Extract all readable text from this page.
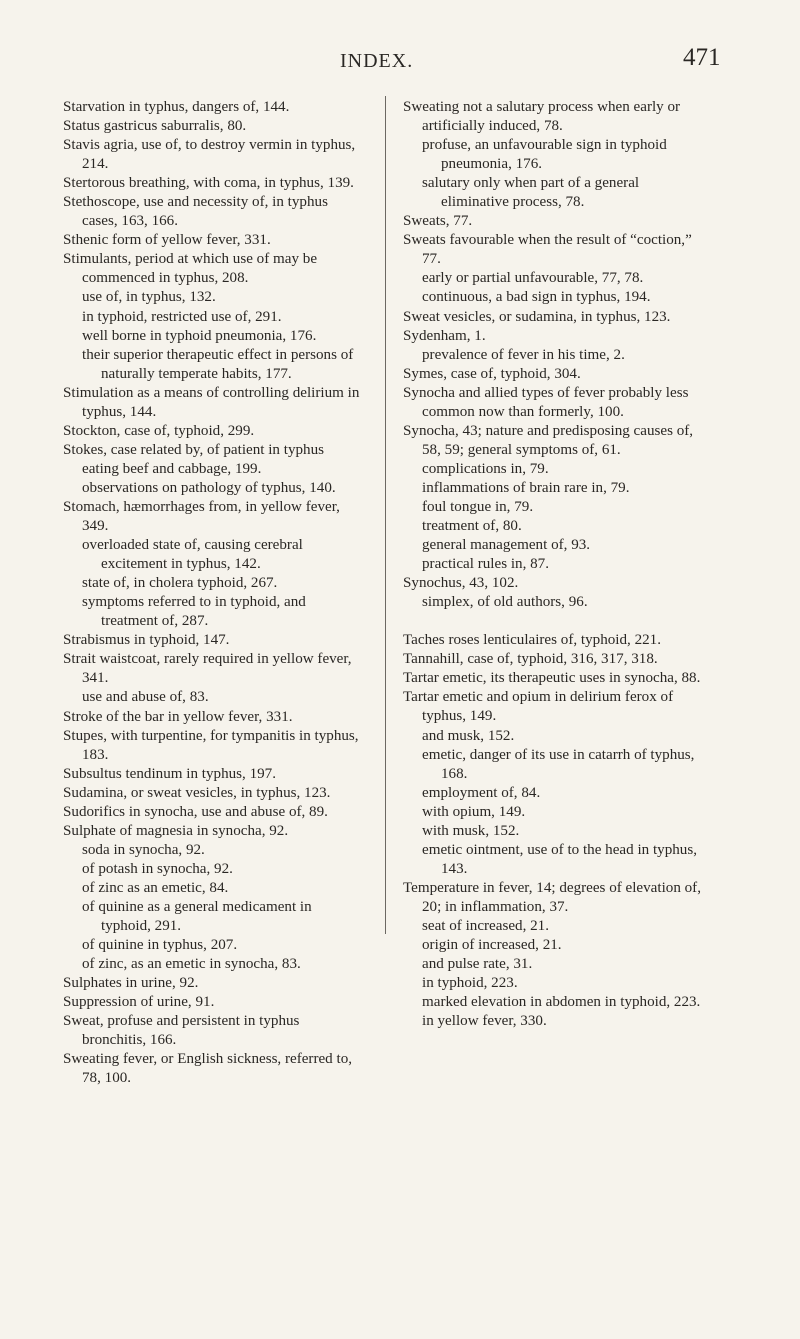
INDEX.	471

Starvation in typhus, dangers of, 144.

Status gastricus saburralis, 80.

Stavis agria, use of, to destroy vermin in typhus, 214.

Stertorous breathing, with coma, in typhus, 139.

Stethoscope, use and necessity of, in typhus cases, 163, 166.

Sthenic form of yellow fever, 331.

Stimulants, period at which use of may be commenced in typhus, 208.

use of, in typhus, 132.

in typhoid, restricted use of, 291.

well borne in typhoid pneumonia, 176.

their superior therapeutic effect in persons of naturally temperate habits, 177.

Stimulation as a means of controlling delirium in typhus, 144.

Stockton, case of, typhoid, 299.

Stokes, case related by, of patient in typhus eating beef and cabbage, 199.

observations on pathology of typhus, 140.

Stomach, hæmorrhages from, in yellow fever, 349.

overloaded state of, causing cerebral excitement in typhus, 142.

state of, in cholera typhoid, 267.

symptoms referred to in typhoid, and treatment of, 287.

Strabismus in typhoid, 147.

Strait waistcoat, rarely required in yellow fever, 341.

use and abuse of, 83.

Stroke of the bar in yellow fever, 331.

Stupes, with turpentine, for tympanitis in typhus, 183.

Subsultus tendinum in typhus, 197.

Sudamina, or sweat vesicles, in typhus, 123.

Sudorifics in synocha, use and abuse of, 89.

Sulphate of magnesia in synocha, 92.

soda in synocha, 92.

of potash in synocha, 92.

of zinc as an emetic, 84.

of quinine as a general medicament in typhoid, 291.

of quinine in typhus, 207.

of zinc, as an emetic in synocha, 83.

Sulphates in urine, 92.

Suppression of urine, 91.

Sweat, profuse and persistent in typhus bronchitis, 166.

Sweating fever, or English sickness, referred to, 78, 100.

Sweating not a salutary process when early or artificially induced, 78.

profuse, an unfavourable sign in typhoid pneumonia, 176.

salutary only when part of a general eliminative process, 78.

Sweats, 77.

Sweats favourable when the result of “coction,” 77.

early or partial unfavourable, 77, 78.

continuous, a bad sign in typhus, 194.

Sweat vesicles, or sudamina, in typhus, 123.

Sydenham, 1.

prevalence of fever in his time, 2.

Symes, case of, typhoid, 304.

Synocha and allied types of fever probably less common now than formerly, 100.

Synocha, 43; nature and predisposing causes of, 58, 59; general symptoms of, 61.

complications in, 79.

inflammations of brain rare in, 79.

foul tongue in, 79.

treatment of, 80.

general management of, 93.

practical rules in, 87.

Synochus, 43, 102.

simplex, of old authors, 96.

Taches roses lenticulaires of, typhoid, 221.

Tannahill, case of, typhoid, 316, 317, 318.

Tartar emetic, its therapeutic uses in synocha, 88.

Tartar emetic and opium in delirium ferox of typhus, 149.

and musk, 152.

emetic, danger of its use in catarrh of typhus, 168.

employment of, 84.

with opium, 149.

with musk, 152.

emetic ointment, use of to the head in typhus, 143.

Temperature in fever, 14; degrees of elevation of, 20; in inflammation, 37.

seat of increased, 21.

origin of increased, 21.

and pulse rate, 31.

in typhoid, 223.

marked elevation in abdomen in typhoid, 223.

in yellow fever, 330.
